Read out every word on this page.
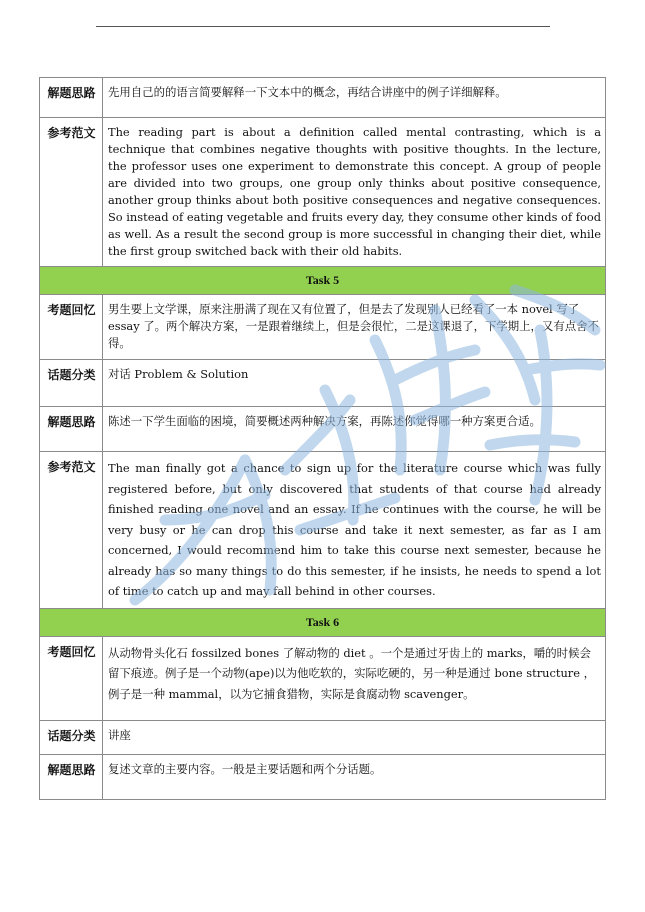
解题思路	先用自己的的语言简要解释一下文本中的概念，再结合讲座中的例子详细解释。
参考范文	The reading part is about a definition called mental contrasting, which is a technique that combines negative thoughts with positive thoughts. In the lecture, the professor uses one experiment to demonstrate this concept. A group of people are divided into two groups, one group only thinks about positive consequence, another group thinks about both positive consequences and negative consequences. So instead of eating vegetable and fruits every day, they consume other kinds of food as well. As a result the second group is more successful in changing their diet, while the first group switched back with their old habits.
Task 5	
考题回忆	男生要上文学课，原来注册满了现在又有位置了，但是去了发现别人已经看了一本 novel 写了 essay 了。两个解决方案，一是跟着继续上，但是会很忙，二是这课退了，下学期上，又有点舍不得。
话题分类	对话 Problem & Solution
解题思路	陈述一下学生面临的困境，简要概述两种解决方案，再陈述你觉得哪一种方案更合适。
参考范文	The man finally got a chance to sign up for the literature course which was fully registered before, but only discovered that students of that course had already finished reading one novel and an essay. If he continues with the course, he will be very busy or he can drop this course and take it next semester, as far as I am concerned, I would recommend him to take this course next semester, because he already has so many things to do this semester, if he insists, he needs to spend a lot of time to catch up and may fall behind in other courses.
Task 6	
考题回忆	从动物骨头化石 fossilzed bones 了解动物的 diet 。一个是通过牙齿上的 marks，嚼的时候会留下痕迹。例子是一个动物(ape)以为他吃软的，实际吃硬的，另一种是通过 bone structure ，例子是一种 mammal，以为它捕食猎物，实际是食腐动物 scavenger。
话题分类	讲座
解题思路	复述文章的主要内容。一般是主要话题和两个分话题。
